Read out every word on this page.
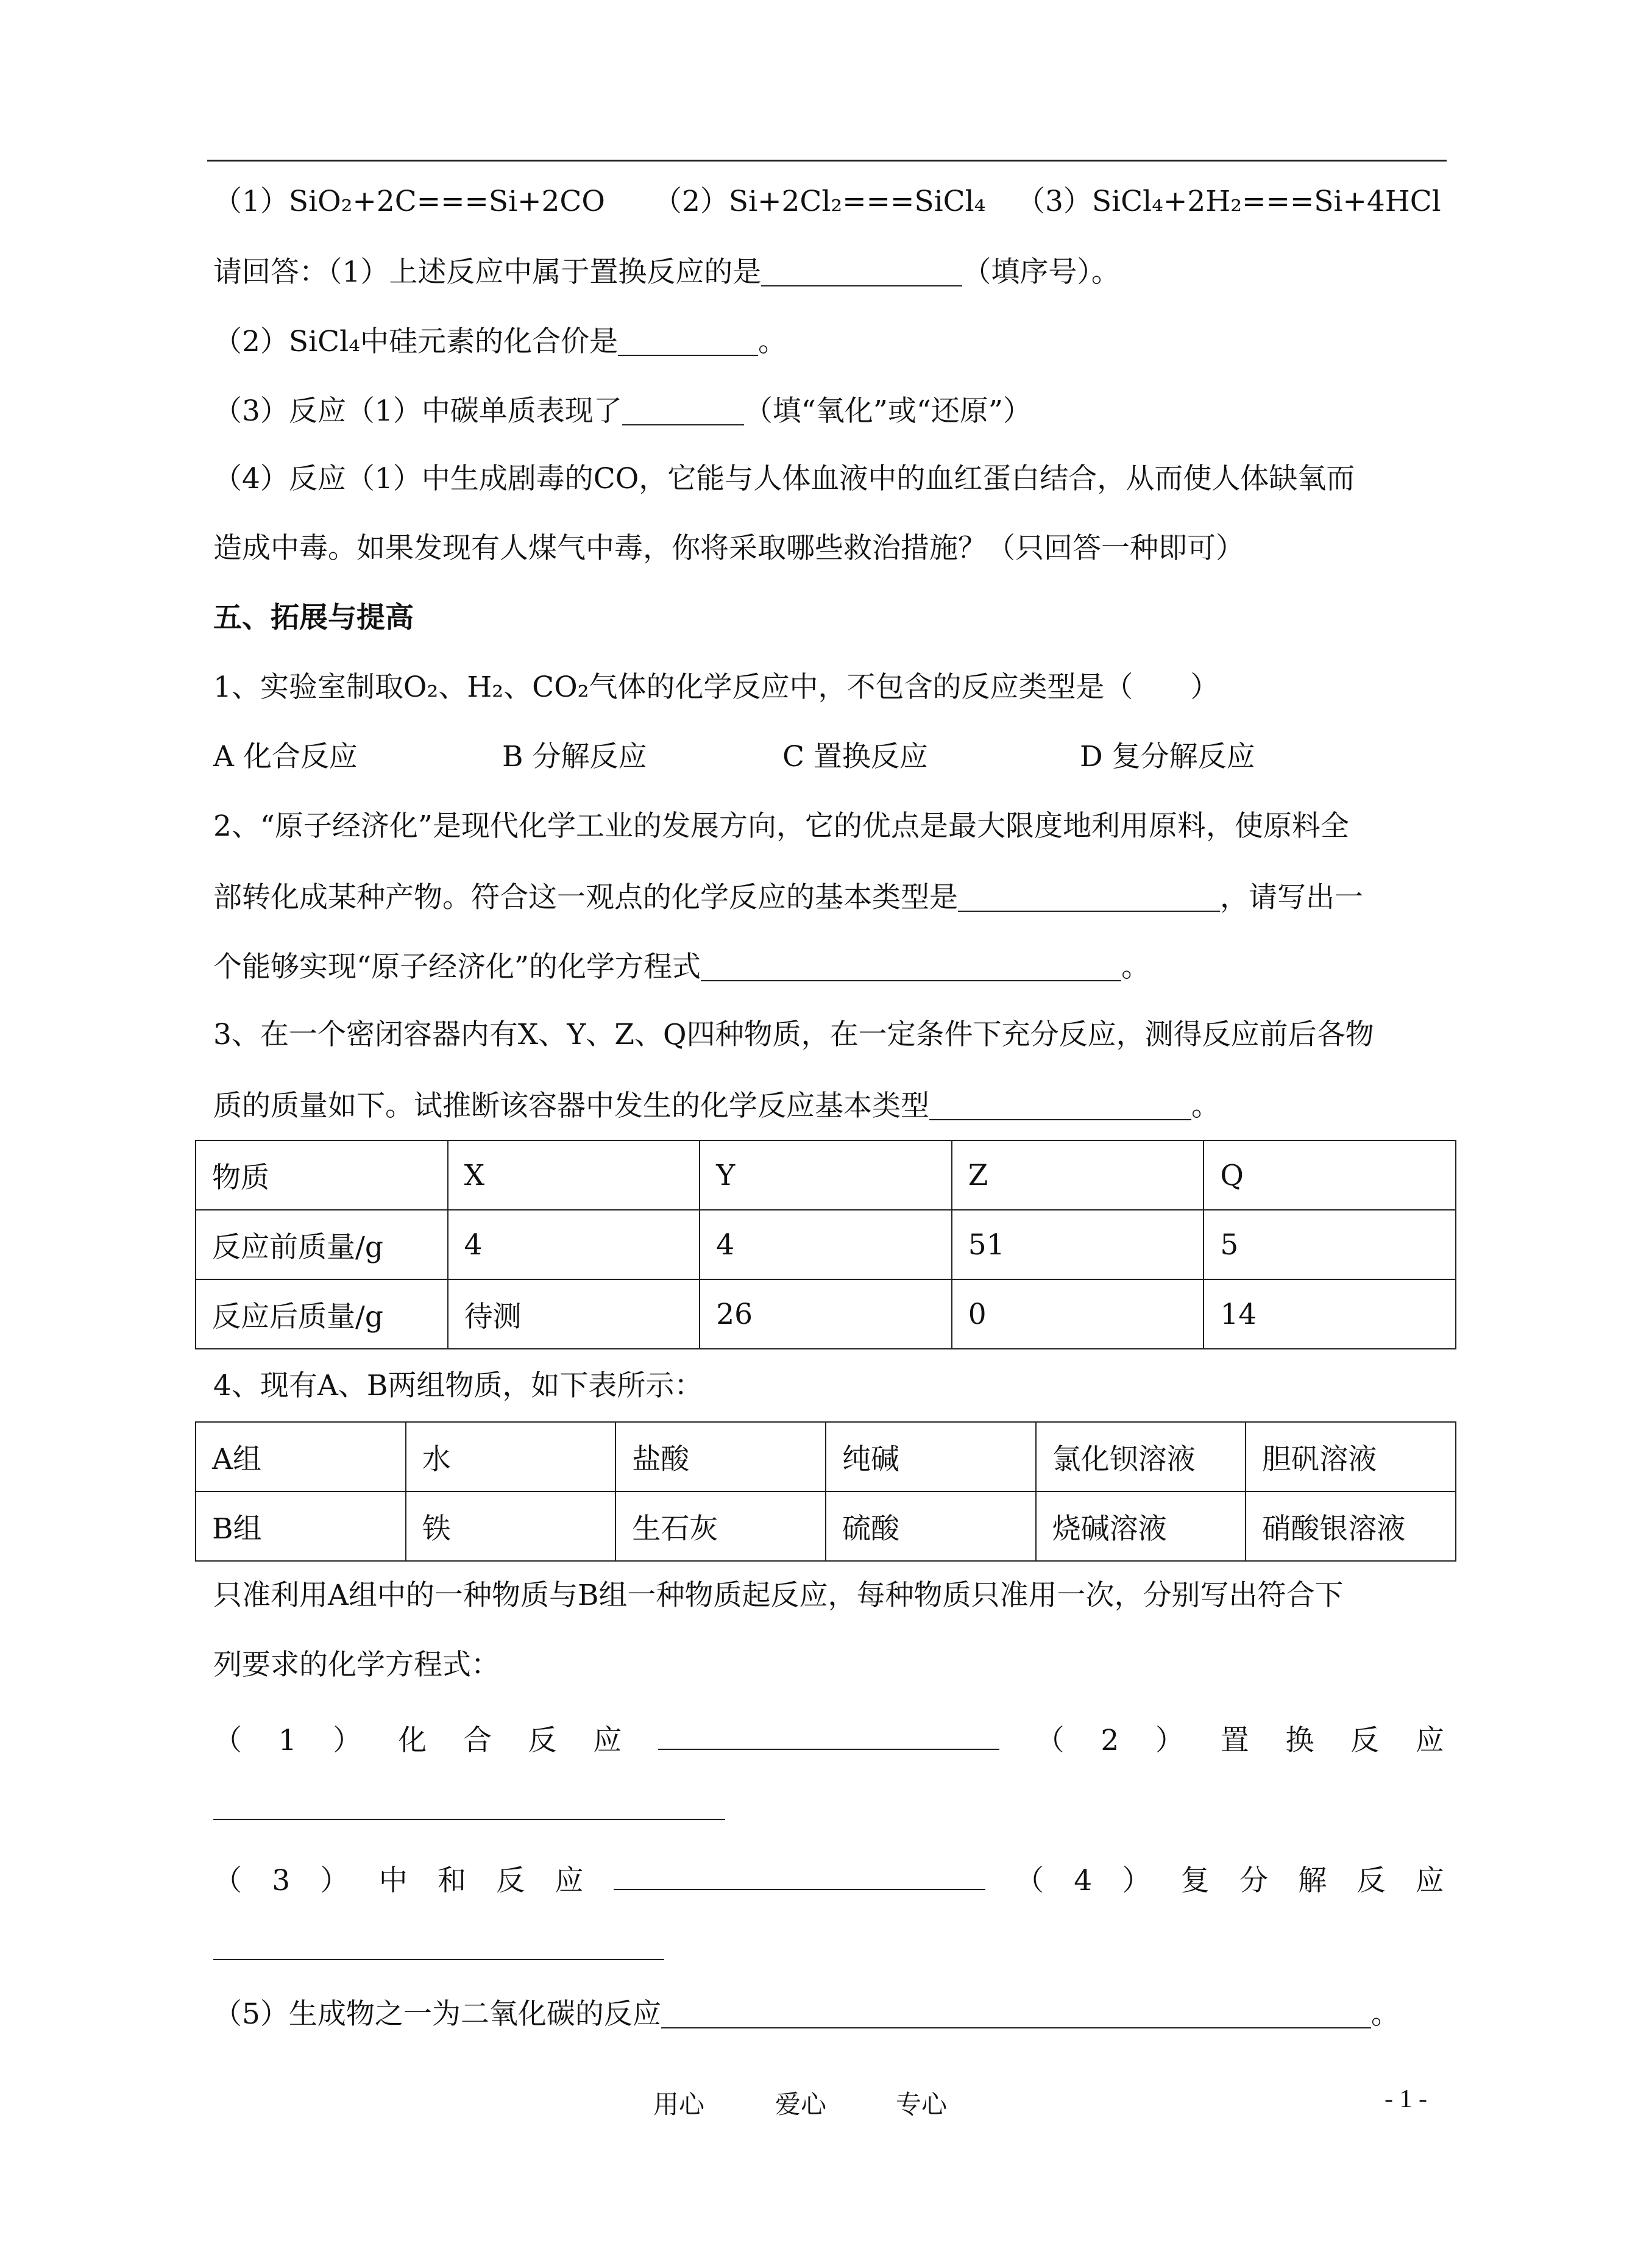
（1）SiO₂+2C===Si+2CO （2）Si+2Cl₂===SiCl₄ （3）SiCl₄+2H₂===Si+4HCl
请回答：（1）上述反应中属于置换反应的是	（填序号）。
（2）SiCl₄中硅元素的化合价是	。
（3）反应（1）中碳单质表现了	（填“氧化”或“还原”）
（4）反应（1）中生成剧毒的CO，它能与人体血液中的血红蛋白结合，从而使人体缺氧而
造成中毒。如果发现有人煤气中毒，你将采取哪些救治措施？（只回答一种即可）
五、拓展与提高
1、实验室制取O₂、H₂、CO₂气体的化学反应中，不包含的反应类型是（　　）
A 化合反应	B 分解反应	C 置换反应	D 复分解反应
2、“原子经济化”是现代化学工业的发展方向，它的优点是最大限度地利用原料，使原料全
部转化成某种产物。符合这一观点的化学反应的基本类型是	，请写出一
个能够实现“原子经济化”的化学方程式	。
3、在一个密闭容器内有X、Y、Z、Q四种物质，在一定条件下充分反应，测得反应前后各物
质的质量如下。试推断该容器中发生的化学反应基本类型	。
物质	X	Y	Z	Q
反应前质量/g	4	4	51	5
反应后质量/g	待测	26	0	14
4、现有A、B两组物质，如下表所示：
A组	水	盐酸	纯碱	氯化钡溶液	胆矾溶液
B组	铁	生石灰	硫酸	烧碱溶液	硝酸银溶液
只准利用A组中的一种物质与B组一种物质起反应，每种物质只准用一次，分别写出符合下
列要求的化学方程式：
（ 1 ） 化 合 反 应	（ 2 ） 置 换 反 应
（ 3 ） 中 和 反 应	（ 4 ） 复 分 解 反 应
（5）生成物之一为二氧化碳的反应	。
用心	爱心	专心	- 1 -
